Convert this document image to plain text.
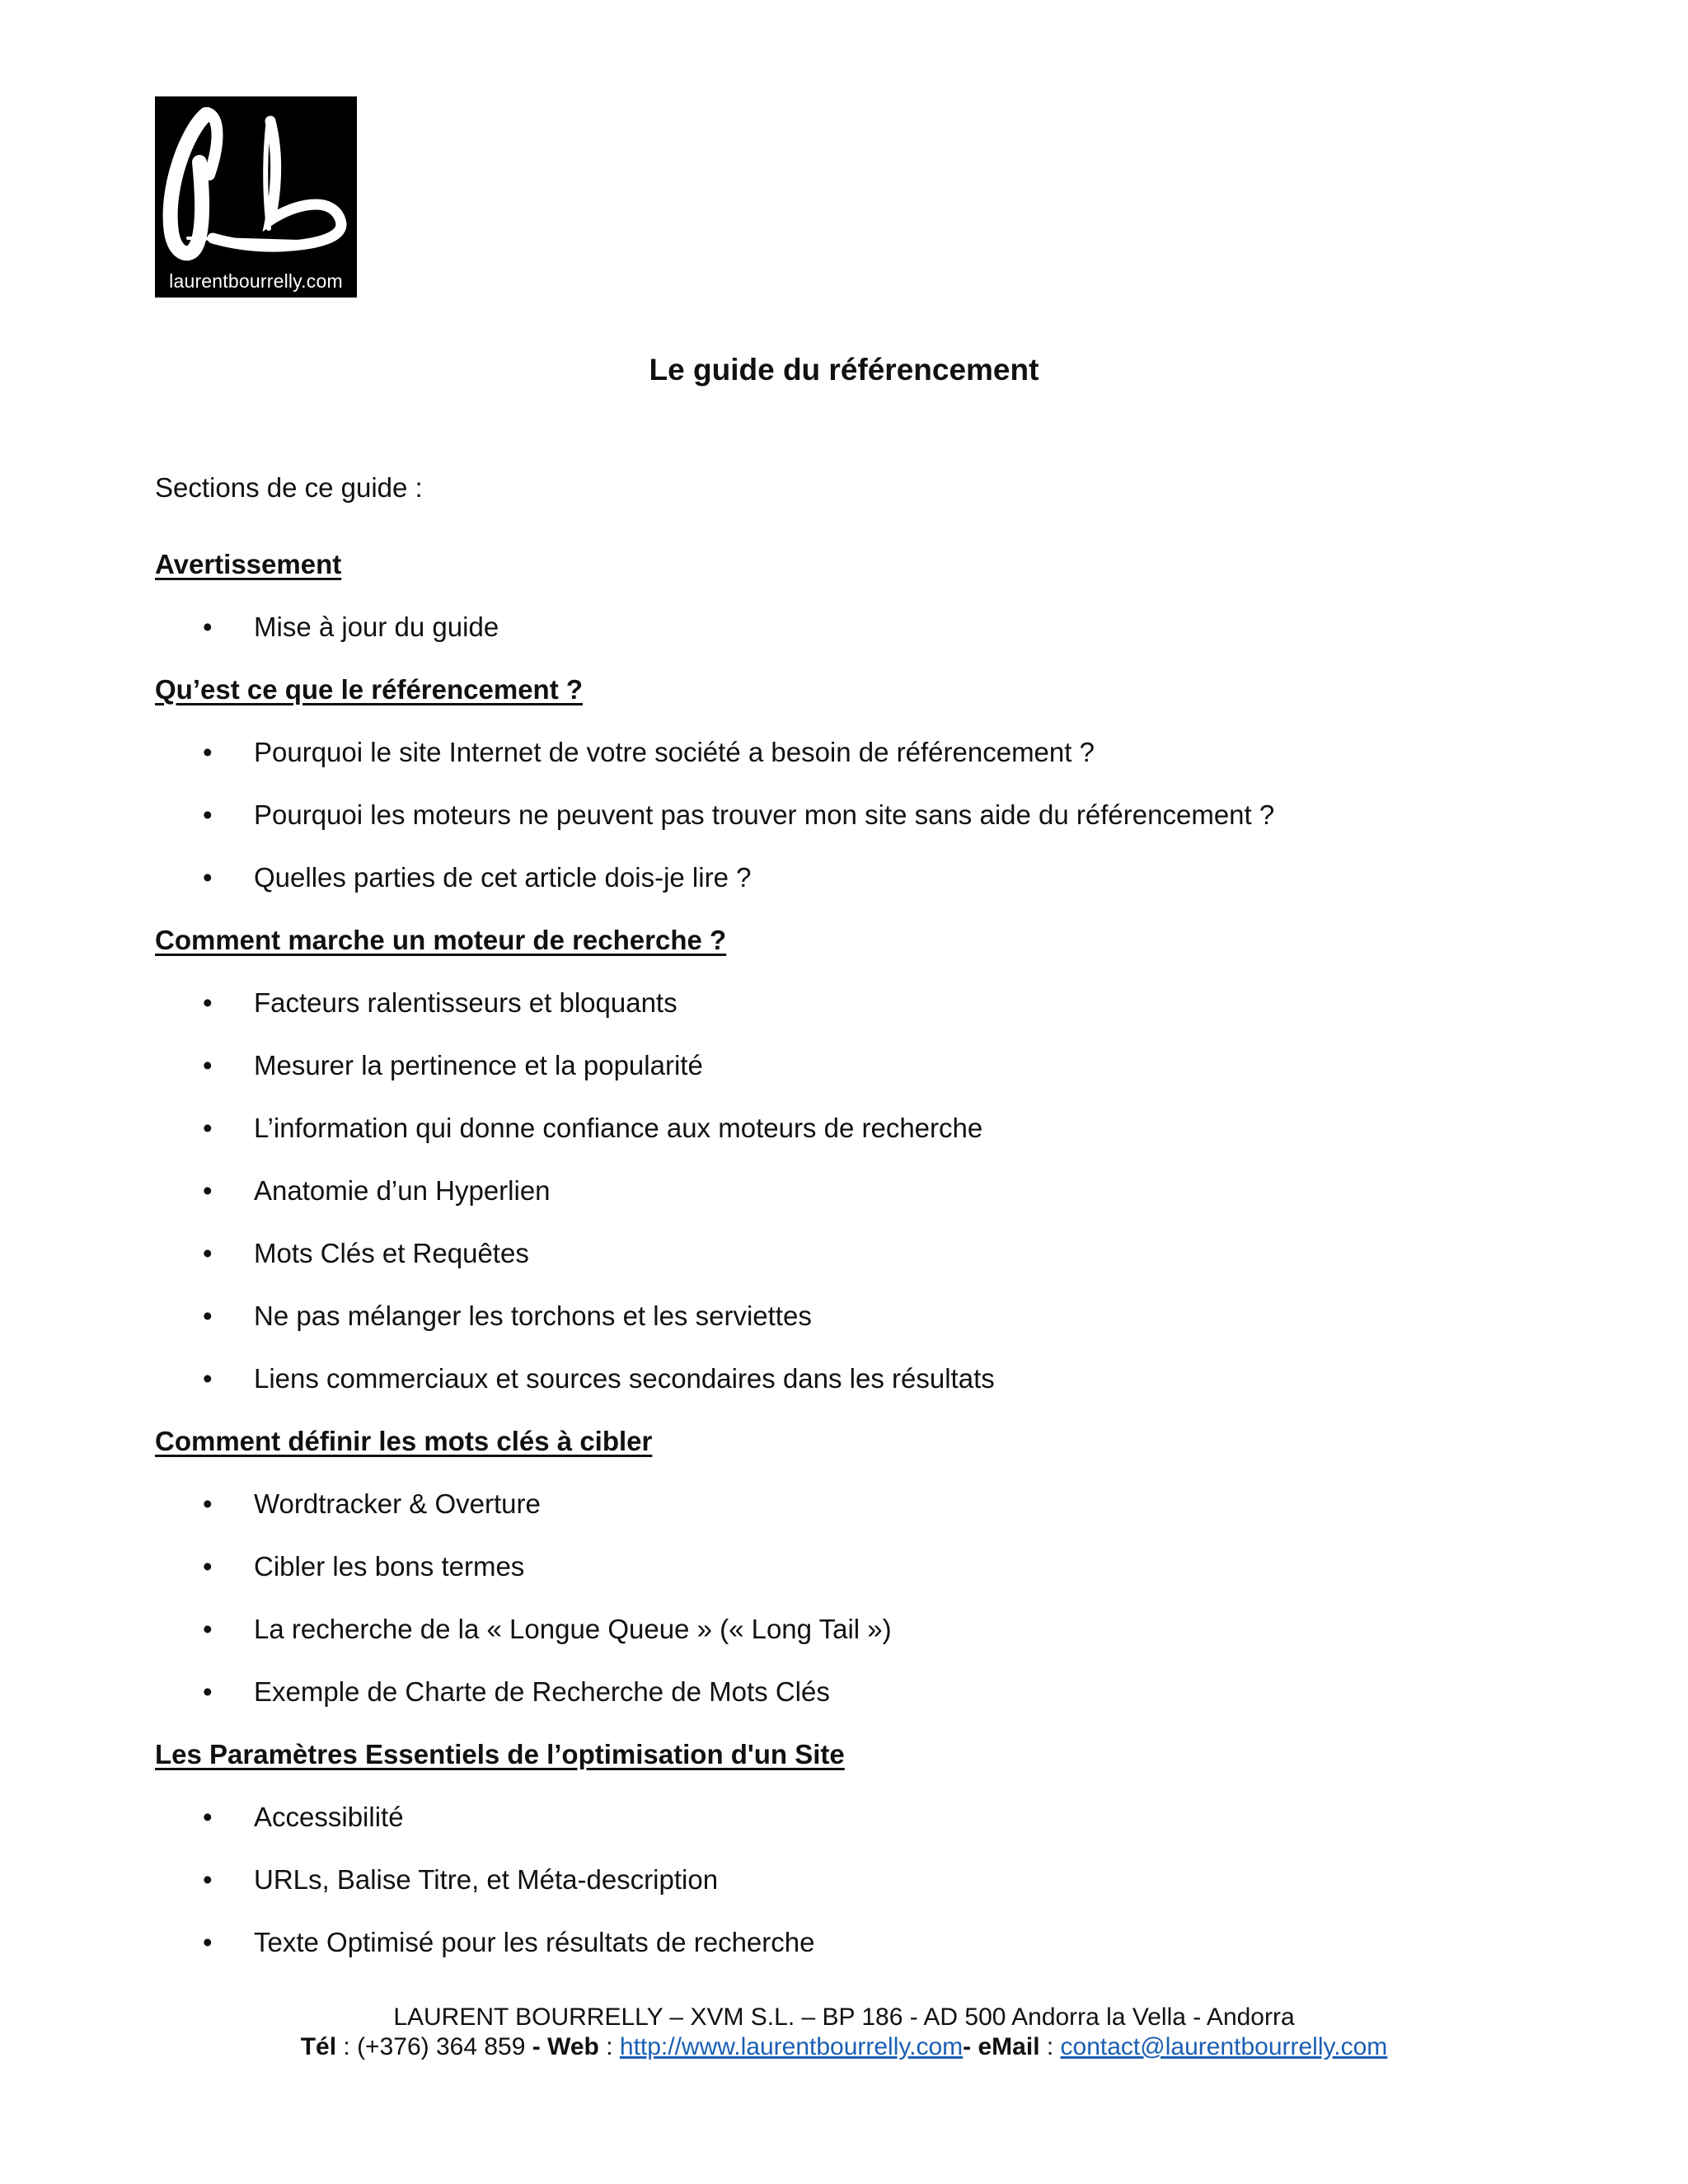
laurentbourrelly.com
Le guide du référencement
Sections de ce guide :
Avertissement
• Mise à jour du guide
Qu’est ce que le référencement ?
• Pourquoi le site Internet de votre société a besoin de référencement ?
• Pourquoi les moteurs ne peuvent pas trouver mon site sans aide du référencement ?
• Quelles parties de cet article dois-je lire ?
Comment marche un moteur de recherche ?
• Facteurs ralentisseurs et bloquants
• Mesurer la pertinence et la popularité
• L’information qui donne confiance aux moteurs de recherche
• Anatomie d’un Hyperlien
• Mots Clés et Requêtes
• Ne pas mélanger les torchons et les serviettes
• Liens commerciaux et sources secondaires dans les résultats
Comment définir les mots clés à cibler
• Wordtracker & Overture
• Cibler les bons termes
• La recherche de la « Longue Queue » (« Long Tail »)
• Exemple de Charte de Recherche de Mots Clés
Les Paramètres Essentiels de l’optimisation d'un Site
• Accessibilité
• URLs, Balise Titre, et Méta-description
• Texte Optimisé pour les résultats de recherche
LAURENT BOURRELLY – XVM S.L. – BP 186 - AD 500 Andorra la Vella - Andorra
Tél : (+376) 364 859 - Web : http://www.laurentbourrelly.com- eMail : contact@laurentbourrelly.com
